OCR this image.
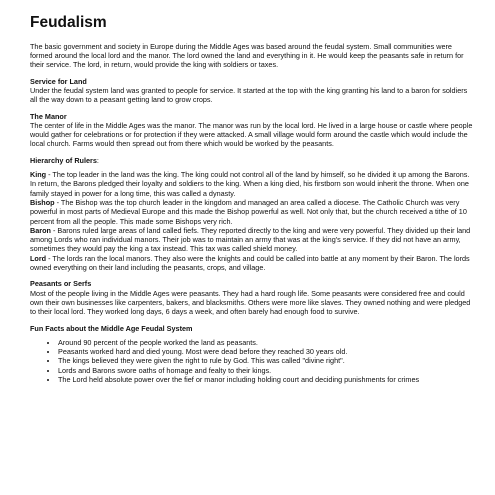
Feudalism

The basic government and society in Europe during the Middle Ages was based around the feudal system. Small communities were formed around the local lord and the manor. The lord owned the land and everything in it. He would keep the peasants safe in return for their service. The lord, in return, would provide the king with soldiers or taxes.

Service for Land

Under the feudal system land was granted to people for service. It started at the top with the king granting his land to a baron for soldiers all the way down to a peasant getting land to grow crops.

The Manor

The center of life in the Middle Ages was the manor. The manor was run by the local lord. He lived in a large house or castle where people would gather for celebrations or for protection if they were attacked. A small village would form around the castle which would include the local church. Farms would then spread out from there which would be worked by the peasants.

Hierarchy of Rulers:

King - The top leader in the land was the king. The king could not control all of the land by himself, so he divided it up among the Barons. In return, the Barons pledged their loyalty and soldiers to the king. When a king died, his firstborn son would inherit the throne. When one family stayed in power for a long time, this was called a dynasty.

Bishop - The Bishop was the top church leader in the kingdom and managed an area called a diocese. The Catholic Church was very powerful in most parts of Medieval Europe and this made the Bishop powerful as well. Not only that, but the church received a tithe of 10 percent from all the people. This made some Bishops very rich.

Baron - Barons ruled large areas of land called fiefs. They reported directly to the king and were very powerful. They divided up their land among Lords who ran individual manors. Their job was to maintain an army that was at the king's service. If they did not have an army, sometimes they would pay the king a tax instead. This tax was called shield money.

Lord - The lords ran the local manors. They also were the knights and could be called into battle at any moment by their Baron. The lords owned everything on their land including the peasants, crops, and village.

Peasants or Serfs

Most of the people living in the Middle Ages were peasants. They had a hard rough life. Some peasants were considered free and could own their own businesses like carpenters, bakers, and blacksmiths. Others were more like slaves. They owned nothing and were pledged to their local lord. They worked long days, 6 days a week, and often barely had enough food to survive.

Fun Facts about the Middle Age Feudal System

• Around 90 percent of the people worked the land as peasants.
• Peasants worked hard and died young. Most were dead before they reached 30 years old.
• The kings believed they were given the right to rule by God. This was called "divine right".
• Lords and Barons swore oaths of homage and fealty to their kings.
• The Lord held absolute power over the fief or manor including holding court and deciding punishments for crimes
